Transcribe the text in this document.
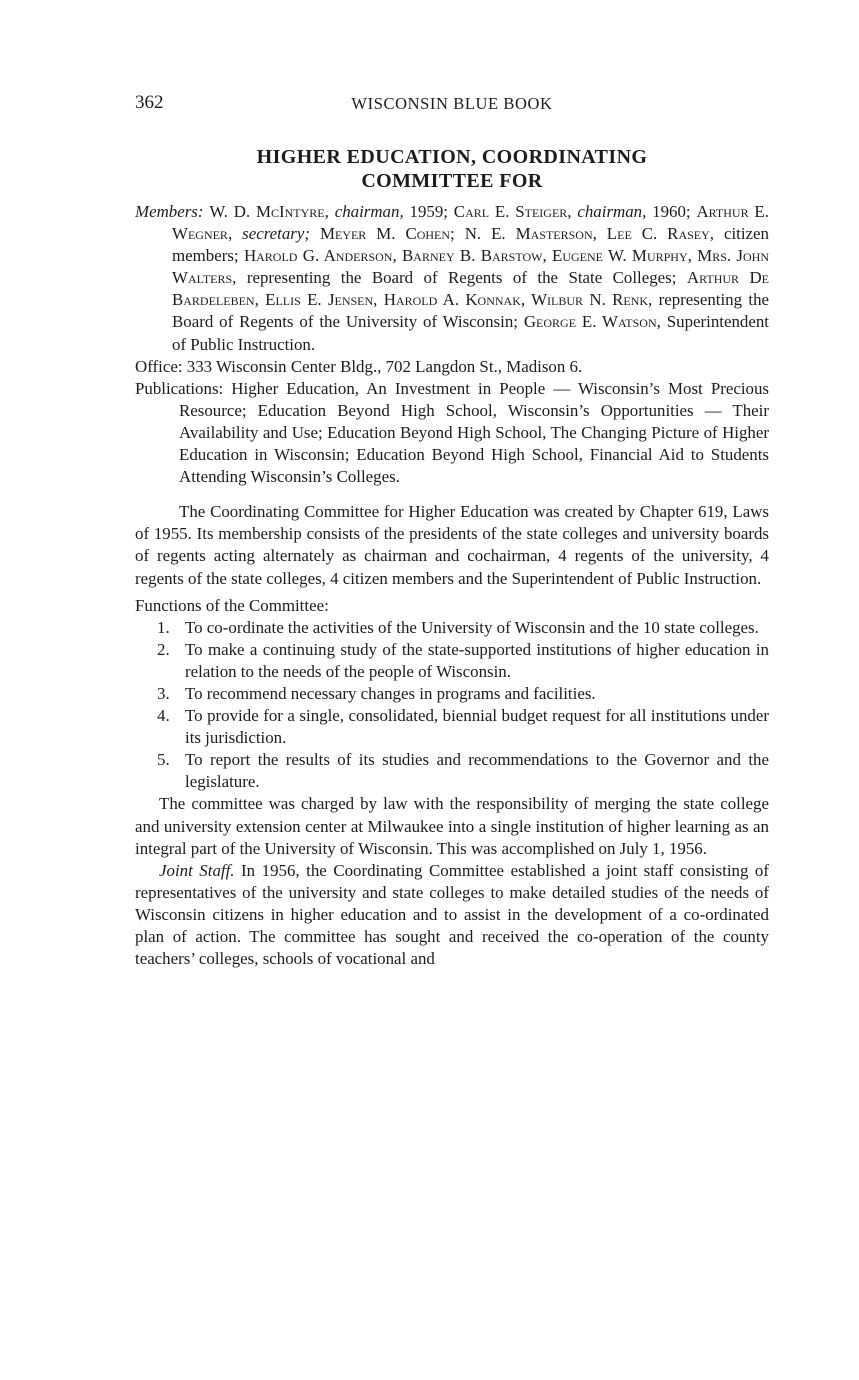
362	WISCONSIN BLUE BOOK
HIGHER EDUCATION, COORDINATING
COMMITTEE FOR

Members: W. D. McIntyre, chairman, 1959; Carl E. Steiger, chairman, 1960; Arthur E. Wegner, secretary; Meyer M. Cohen; N. E. Masterson, Lee C. Rasey, citizen members; Harold G. Anderson, Barney B. Barstow, Eugene W. Murphy, Mrs. John Walters, representing the Board of Regents of the State Colleges; Arthur De Bardeleben, Ellis E. Jensen, Harold A. Konnak, Wilbur N. Renk, representing the Board of Regents of the University of Wisconsin; George E. Watson, Superintendent of Public Instruction.

Office: 333 Wisconsin Center Bldg., 702 Langdon St., Madison 6.

Publications: Higher Education, An Investment in People — Wisconsin’s Most Precious Resource; Education Beyond High School, Wisconsin’s Opportunities — Their Availability and Use; Education Beyond High School, The Changing Picture of Higher Education in Wisconsin; Education Beyond High School, Financial Aid to Students Attending Wisconsin’s Colleges.

The Coordinating Committee for Higher Education was created by Chapter 619, Laws of 1955. Its membership consists of the presidents of the state colleges and university boards of regents acting alternately as chairman and cochairman, 4 regents of the university, 4 regents of the state colleges, 4 citizen members and the Superintendent of Public Instruction.

Functions of the Committee:

1. To co-ordinate the activities of the University of Wisconsin and the 10 state colleges.
2. To make a continuing study of the state-supported institutions of higher education in relation to the needs of the people of Wisconsin.
3. To recommend necessary changes in programs and facilities.
4. To provide for a single, consolidated, biennial budget request for all institutions under its jurisdiction.
5. To report the results of its studies and recommendations to the Governor and the legislature.

The committee was charged by law with the responsibility of merging the state college and university extension center at Milwaukee into a single institution of higher learning as an integral part of the University of Wisconsin. This was accomplished on July 1, 1956.

Joint Staff. In 1956, the Coordinating Committee established a joint staff consisting of representatives of the university and state colleges to make detailed studies of the needs of Wisconsin citizens in higher education and to assist in the development of a co-ordinated plan of action. The committee has sought and received the co-operation of the county teachers’ colleges, schools of vocational and
